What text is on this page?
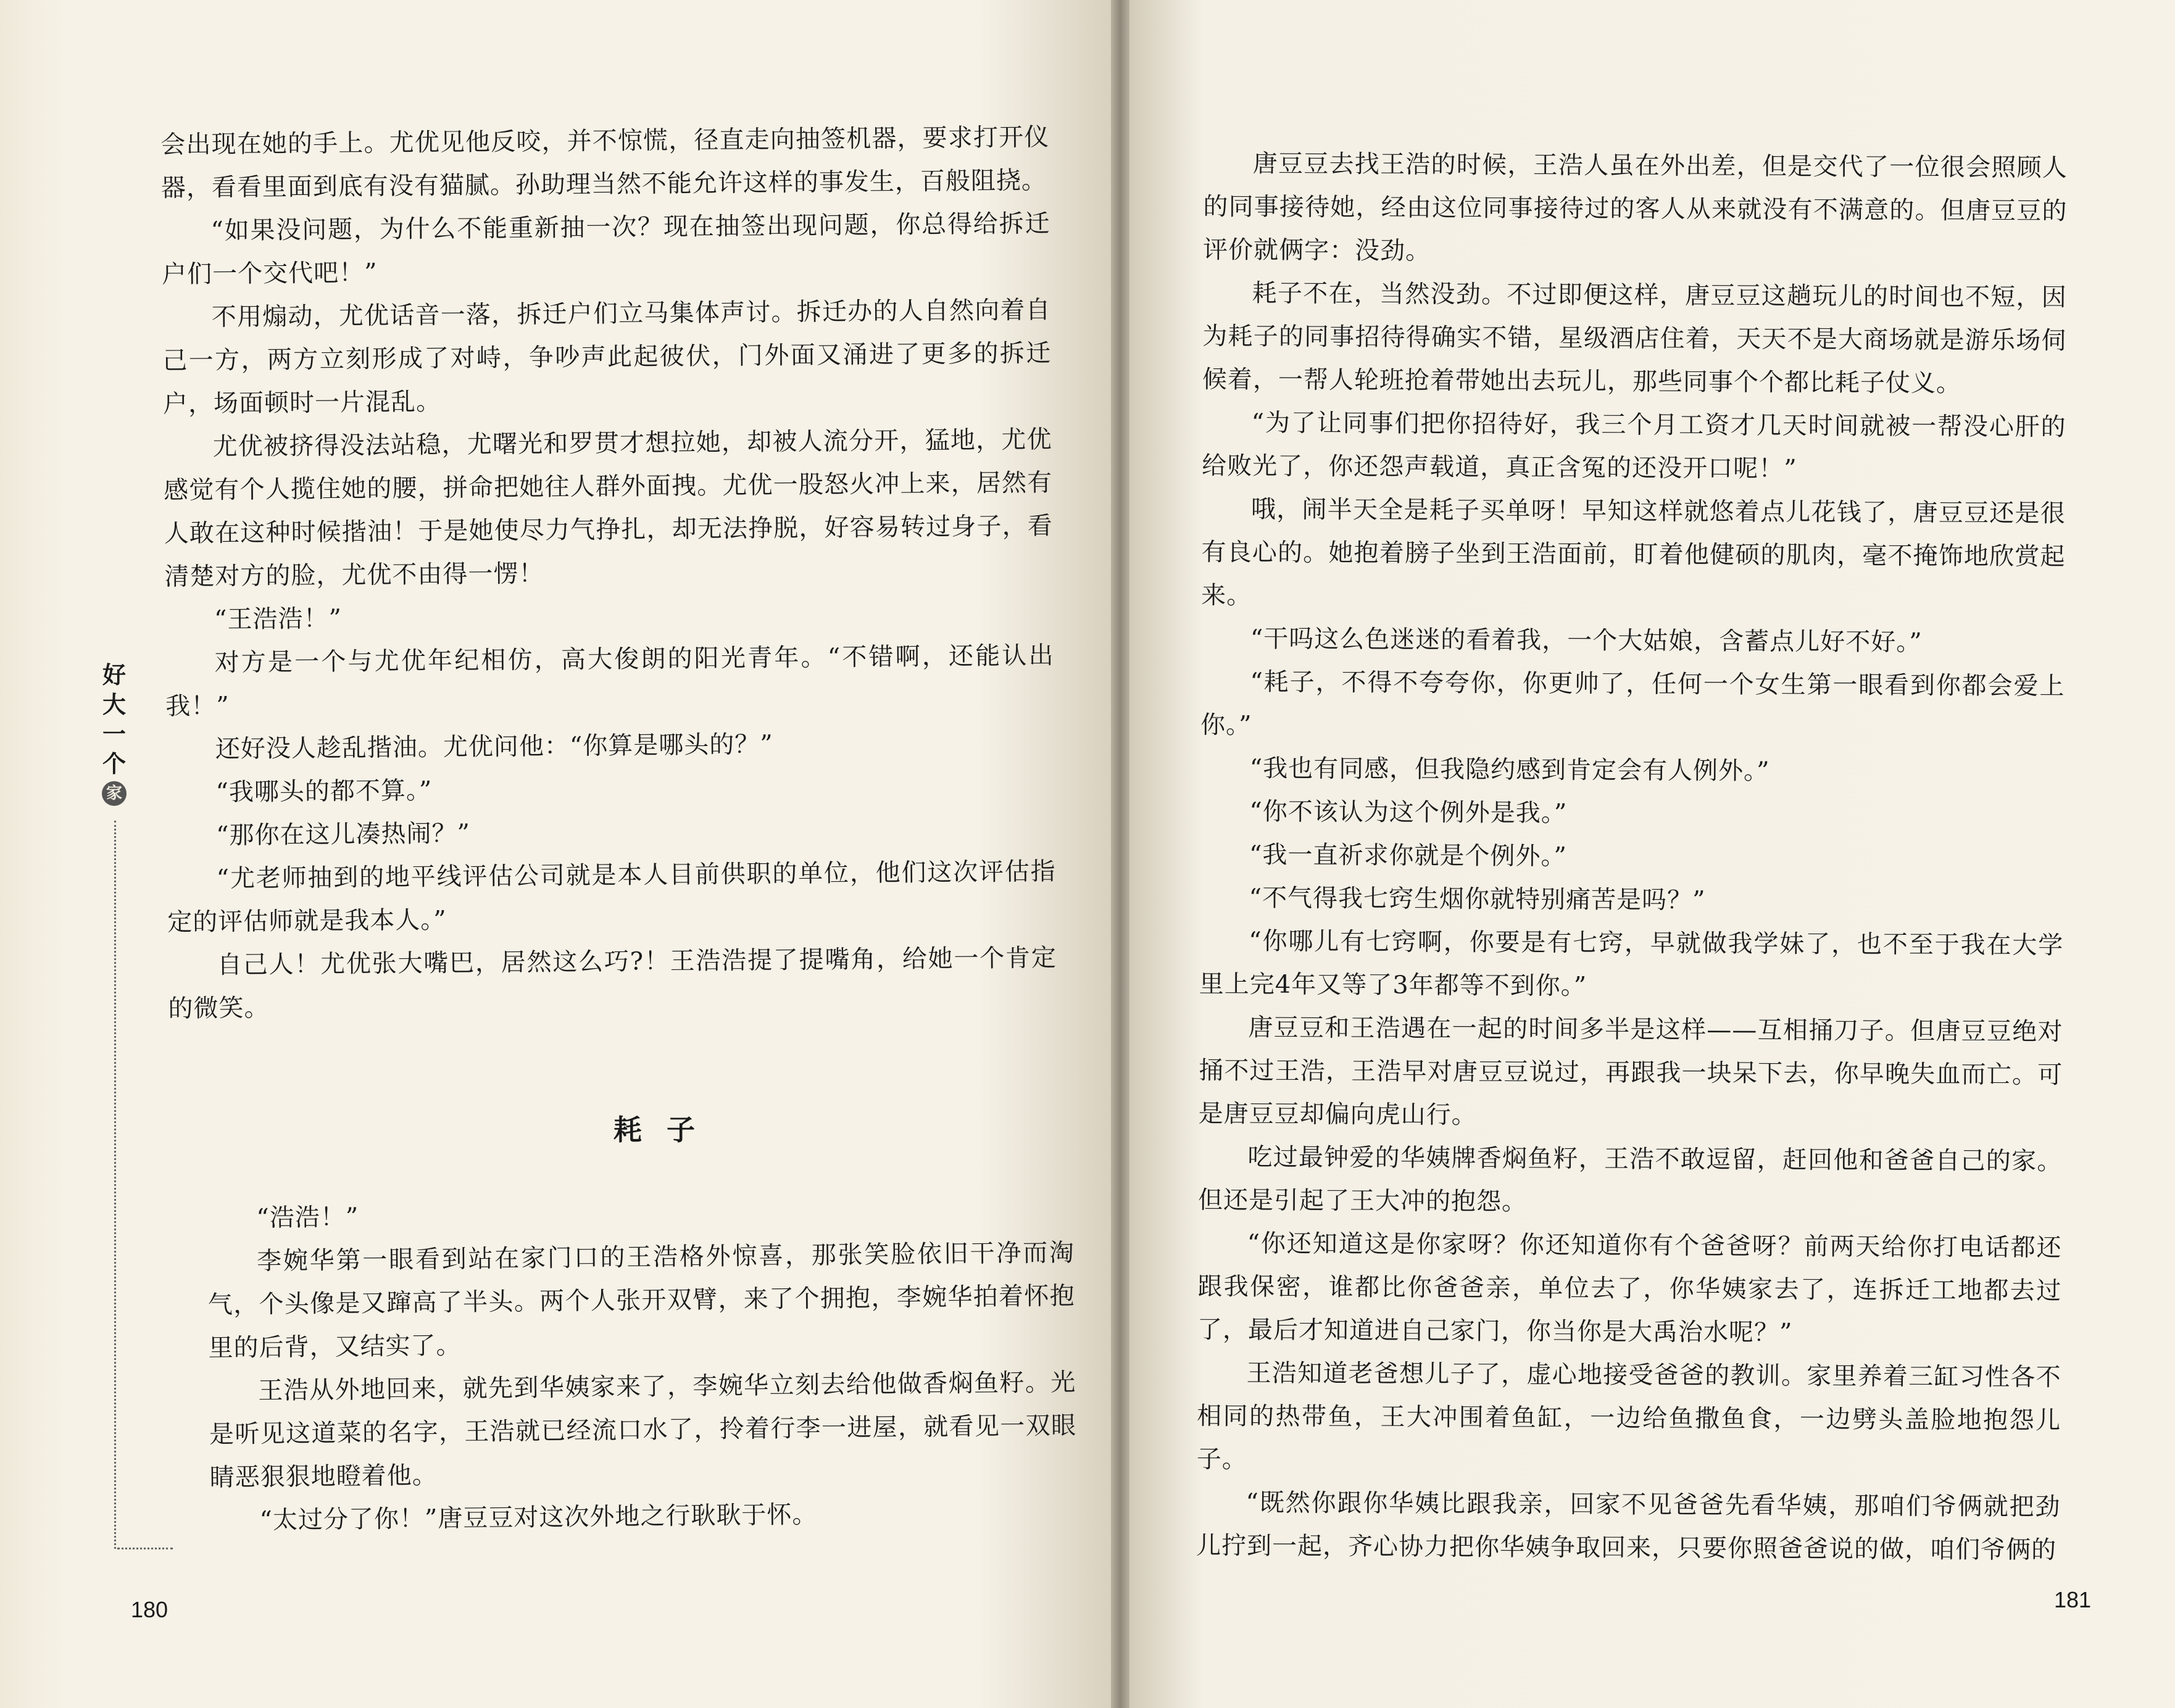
好
大
一
个
家

会出现在她的手上。尤优见他反咬，并不惊慌，径直走向抽签机器，要求打开仪器，看看里面到底有没有猫腻。孙助理当然不能允许这样的事发生，百般阻挠。

“如果没问题，为什么不能重新抽一次？现在抽签出现问题，你总得给拆迁户们一个交代吧！”

不用煽动，尤优话音一落，拆迁户们立马集体声讨。拆迁办的人自然向着自己一方，两方立刻形成了对峙，争吵声此起彼伏，门外面又涌进了更多的拆迁户，场面顿时一片混乱。

尤优被挤得没法站稳，尤曙光和罗贯才想拉她，却被人流分开，猛地，尤优感觉有个人揽住她的腰，拼命把她往人群外面拽。尤优一股怒火冲上来，居然有人敢在这种时候揩油！于是她使尽力气挣扎，却无法挣脱，好容易转过身子，看清楚对方的脸，尤优不由得一愣！

“王浩浩！”

对方是一个与尤优年纪相仿，高大俊朗的阳光青年。“不错啊，还能认出我！”

还好没人趁乱揩油。尤优问他：“你算是哪头的？”

“我哪头的都不算。”

“那你在这儿凑热闹？”

“尤老师抽到的地平线评估公司就是本人目前供职的单位，他们这次评估指定的评估师就是我本人。”

自己人！尤优张大嘴巴，居然这么巧?！王浩浩提了提嘴角，给她一个肯定的微笑。

耗子

“浩浩！”

李婉华第一眼看到站在家门口的王浩格外惊喜，那张笑脸依旧干净而淘气，个头像是又蹿高了半头。两个人张开双臂，来了个拥抱，李婉华拍着怀抱里的后背，又结实了。

王浩从外地回来，就先到华姨家来了，李婉华立刻去给他做香焖鱼籽。光是听见这道菜的名字，王浩就已经流口水了，拎着行李一进屋，就看见一双眼睛恶狠狠地瞪着他。

“太过分了你！”唐豆豆对这次外地之行耿耿于怀。

180

唐豆豆去找王浩的时候，王浩人虽在外出差，但是交代了一位很会照顾人的同事接待她，经由这位同事接待过的客人从来就没有不满意的。但唐豆豆的评价就俩字：没劲。

耗子不在，当然没劲。不过即便这样，唐豆豆这趟玩儿的时间也不短，因为耗子的同事招待得确实不错，星级酒店住着，天天不是大商场就是游乐场伺候着，一帮人轮班抢着带她出去玩儿，那些同事个个都比耗子仗义。

“为了让同事们把你招待好，我三个月工资才几天时间就被一帮没心肝的给败光了，你还怨声载道，真正含冤的还没开口呢！”

哦，闹半天全是耗子买单呀！早知这样就悠着点儿花钱了，唐豆豆还是很有良心的。她抱着膀子坐到王浩面前，盯着他健硕的肌肉，毫不掩饰地欣赏起来。

“干吗这么色迷迷的看着我，一个大姑娘，含蓄点儿好不好。”

“耗子，不得不夸夸你，你更帅了，任何一个女生第一眼看到你都会爱上你。”

“我也有同感，但我隐约感到肯定会有人例外。”

“你不该认为这个例外是我。”

“我一直祈求你就是个例外。”

“不气得我七窍生烟你就特别痛苦是吗？”

“你哪儿有七窍啊，你要是有七窍，早就做我学妹了，也不至于我在大学里上完4年又等了3年都等不到你。”

唐豆豆和王浩遇在一起的时间多半是这样——互相捅刀子。但唐豆豆绝对捅不过王浩，王浩早对唐豆豆说过，再跟我一块呆下去，你早晚失血而亡。可是唐豆豆却偏向虎山行。

吃过最钟爱的华姨牌香焖鱼籽，王浩不敢逗留，赶回他和爸爸自己的家。但还是引起了王大冲的抱怨。

“你还知道这是你家呀？你还知道你有个爸爸呀？前两天给你打电话都还跟我保密，谁都比你爸爸亲，单位去了，你华姨家去了，连拆迁工地都去过了，最后才知道进自己家门，你当你是大禹治水呢？”

王浩知道老爸想儿子了，虚心地接受爸爸的教训。家里养着三缸习性各不相同的热带鱼，王大冲围着鱼缸，一边给鱼撒鱼食，一边劈头盖脸地抱怨儿子。

“既然你跟你华姨比跟我亲，回家不见爸爸先看华姨，那咱们爷俩就把劲儿拧到一起，齐心协力把你华姨争取回来，只要你照爸爸说的做，咱们爷俩的

181
